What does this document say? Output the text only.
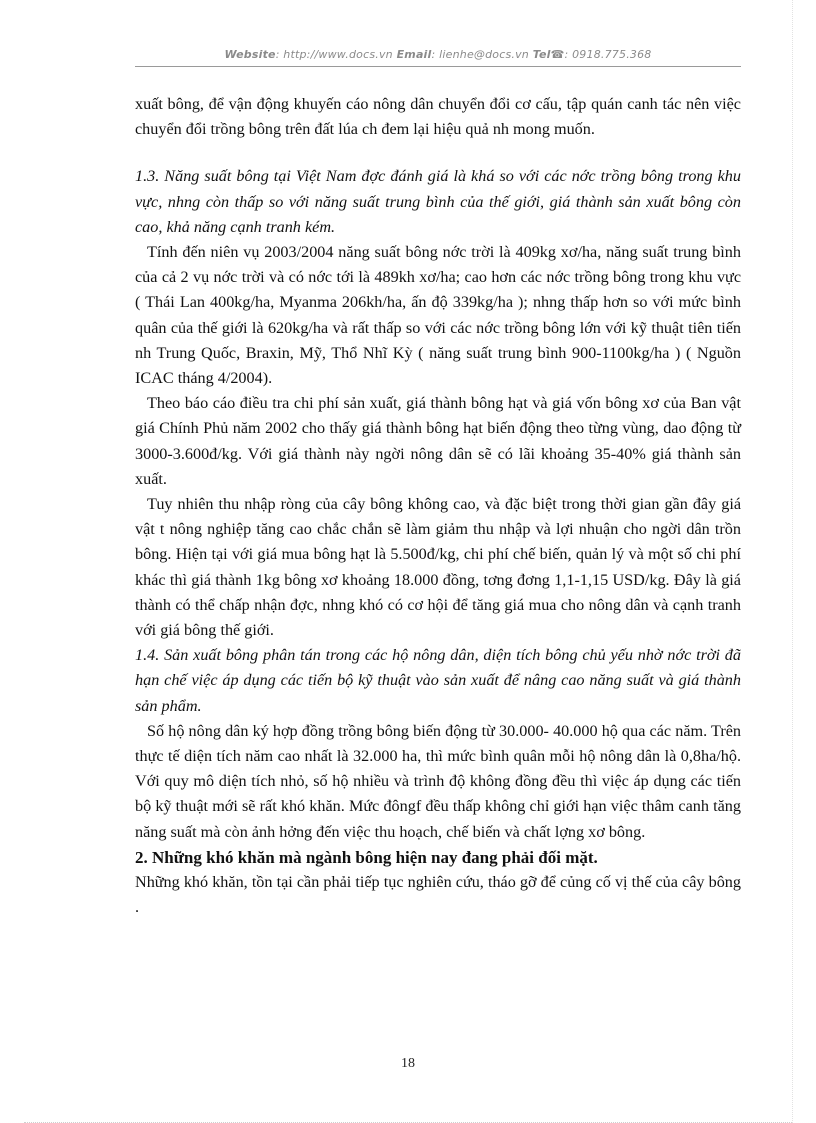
Website: http://www.docs.vn Email: lienhe@docs.vn Tel☎: 0918.775.368

xuất bông, để vận động khuyến cáo nông dân chuyển đổi cơ cấu, tập quán canh tác nên việc chuyển đổi trồng bông trên đất lúa ch đem lại hiệu quả nh mong muốn.

1.3. Năng suất bông tại Việt Nam đợc đánh giá là khá so với các nớc trồng bông trong khu vực, nhng còn thấp so với năng suất trung bình của thế giới, giá thành sản xuất bông còn cao, khả năng cạnh tranh kém.

Tính đến niên vụ 2003/2004 năng suất bông nớc trời là 409kg xơ/ha, năng suất trung bình của cả 2 vụ nớc trời và có nớc tới là 489kh xơ/ha; cao hơn các nớc trồng bông trong khu vực ( Thái Lan 400kg/ha, Myanma 206kh/ha, ấn độ 339kg/ha ); nhng thấp hơn so với mức bình quân của thế giới là 620kg/ha và rất thấp so với các nớc trồng bông lớn với kỹ thuật tiên tiến nh Trung Quốc, Braxin, Mỹ, Thổ Nhĩ Kỳ ( năng suất trung bình 900-1100kg/ha ) ( Nguồn ICAC tháng 4/2004).

Theo báo cáo điều tra chi phí sản xuất, giá thành bông hạt và giá vốn bông xơ của Ban vật giá Chính Phủ năm 2002 cho thấy giá thành bông hạt biến động theo từng vùng, dao động từ 3000-3.600đ/kg. Với giá thành này ngời nông dân sẽ có lãi khoảng 35-40% giá thành sản xuất.

Tuy nhiên thu nhập ròng của cây bông không cao, và đặc biệt trong thời gian gần đây giá vật t nông nghiệp tăng cao chắc chắn sẽ làm giảm thu nhập và lợi nhuận cho ngời dân trồn bông. Hiện tại với giá mua bông hạt là 5.500đ/kg, chi phí chế biến, quản lý và một số chi phí khác thì giá thành 1kg bông xơ khoảng 18.000 đồng, tơng đơng 1,1-1,15 USD/kg. Đây là giá thành có thể chấp nhận đợc, nhng khó có cơ hội để tăng giá mua cho nông dân và cạnh tranh với giá bông thế giới.

1.4. Sản xuất bông phân tán trong các hộ nông dân, diện tích bông chủ yếu nhờ nớc trời đã hạn chế việc áp dụng các tiến bộ kỹ thuật vào sản xuất để nâng cao năng suất và giá thành sản phẩm.

Số hộ nông dân ký hợp đồng trồng bông biến động từ 30.000- 40.000 hộ qua các năm. Trên thực tế diện tích năm cao nhất là 32.000 ha, thì mức bình quân mỗi hộ nông dân là 0,8ha/hộ. Với quy mô diện tích nhỏ, số hộ nhiều và trình độ không đồng đều thì việc áp dụng các tiến bộ kỹ thuật mới sẽ rất khó khăn. Mức đôngf đều thấp không chỉ giới hạn việc thâm canh tăng năng suất mà còn ảnh hởng đến việc thu hoạch, chế biến và chất lợng xơ bông.

2. Những khó khăn mà ngành bông hiện nay đang phải đối mặt.

Những khó khăn, tồn tại cần phải tiếp tục nghiên cứu, tháo gỡ để củng cố vị thế của cây bông .

18
